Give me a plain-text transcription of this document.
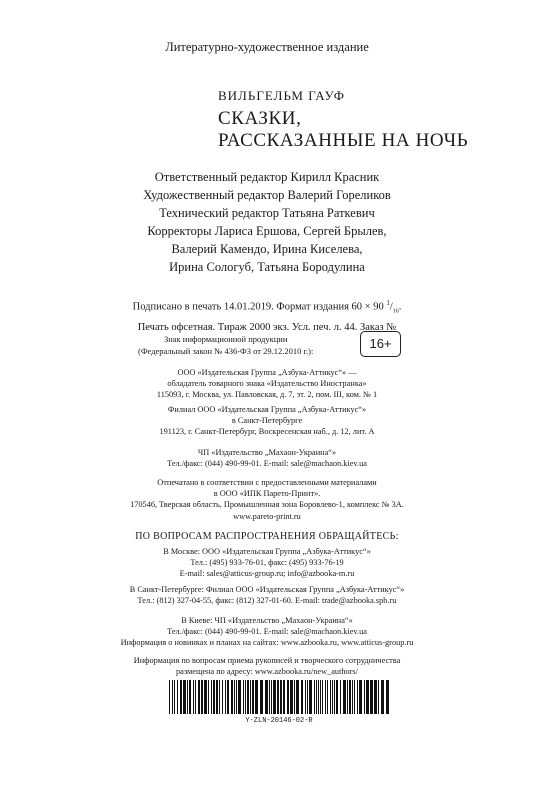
Литературно-художественное издание
ВИЛЬГЕЛЬМ ГАУФ
СКАЗКИ,
РАССКАЗАННЫЕ НА НОЧЬ
Ответственный редактор Кирилл Красник
Художественный редактор Валерий Гореликов
Технический редактор Татьяна Раткевич
Корректоры Лариса Ершова, Сергей Брылев,
Валерий Камендо, Ирина Киселева,
Ирина Сологуб, Татьяна Бородулина
Подписано в печать 14.01.2019. Формат издания 60 × 90 $^1/_{16}$.
Печать офсетная. Тираж 2000 экз. Усл. печ. л. 44. Заказ №
Знак информационной продукции
(Федеральный закон № 436-ФЗ от 29.12.2010 г.):	16+
ООО «Издательская Группа „Азбука-Аттикус“» —
обладатель товарного знака «Издательство Иностранка»
115093, г. Москва, ул. Павловская, д. 7, эт. 2, пом. III, ком. № 1
Филиал ООО «Издательская Группа „Азбука-Аттикус“»
в Санкт-Петербурге
191123, г. Санкт-Петербург, Воскресенская наб., д. 12, лит. А
ЧП «Издательство „Махаон-Украина“»
Тел./факс: (044) 490-99-01. E-mail: sale@machaon.kiev.ua
Отпечатано в соответствии с предоставленными материалами
в ООО «ИПК Парето-Принт».
170546, Тверская область, Промышленная зона Боровлево-1, комплекс № 3А.
www.pareto-print.ru
ПО ВОПРОСАМ РАСПРОСТРАНЕНИЯ ОБРАЩАЙТЕСЬ:
В Москве: ООО «Издательская Группа „Азбука-Аттикус“»
Тел.: (495) 933-76-01, факс: (495) 933-76-19
E-mail: sales@atticus-group.ru; info@azbooka-m.ru
В Санкт-Петербурге: Филиал ООО «Издательская Группа „Азбука-Аттикус“»
Тел.: (812) 327-04-55, факс: (812) 327-01-60. E-mail: trade@azbooka.spb.ru
В Киеве: ЧП «Издательство „Махаон-Украина“»
Тел./факс: (044) 490-99-01. E-mail: sale@machaon.kiev.ua
Информация о новинках и планах на сайтах: www.azbooka.ru, www.atticus-group.ru
Информация по вопросам приема рукописей и творческого сотрудничества
размещена по адресу: www.azbooka.ru/new_authors/
Y-ZLN-20146-02-R
